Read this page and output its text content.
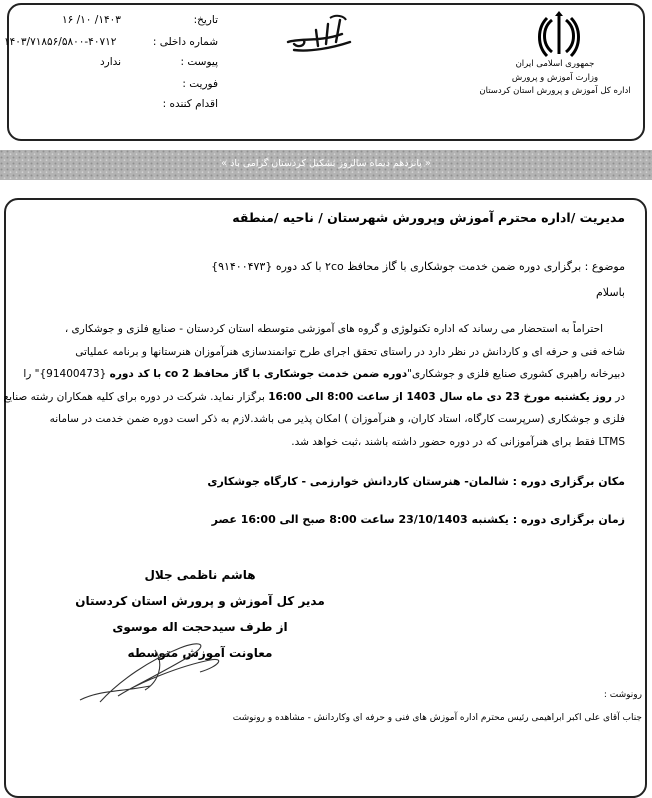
جمهوری اسلامی ایران
وزارت آموزش و پرورش
اداره کل آموزش و پرورش استان کردستان
تاریخ:
۱۴۰۳/ ۱۰/ ۱۶
شماره داخلی :
۱۴۰۳/۷۱۸۵۶/۵۸۰۰-۴۰۷۱۲
پیوست :
ندارد
فوریت :
اقدام کننده :
« پانزدهم دیماه سالروز تشکیل کردستان گرامی باد »
مدیریت /اداره محترم آموزش وپرورش شهرستان / ناحیه /منطقه
موضوع : برگزاری دوره ضمن خدمت جوشکاری با گاز محافظ ۲co با کد دوره {۹۱۴۰۰۴۷۳}
باسلام
احتراماً به استحضار می رساند که اداره تکنولوژی و گروه های آموزشی متوسطه استان کردستان - صنایع فلزی و جوشکاری ،
شاخه فنی و حرفه ای و کاردانش در نظر دارد در راستای تحقق اجرای طرح توانمندسازی هنرآموزان هنرستانها و برنامه عملیاتی
دبیرخانه راهبری کشوری صنایع فلزی و جوشکاری"دوره ضمن خدمت جوشکاری با گاز محافظ co 2 با کد دوره {91400473}" را
در روز یکشنبه مورخ 23 دی ماه سال 1403 از ساعت 8:00 الی 16:00 برگزار نماید. شرکت در دوره برای کلیه همکاران رشته صنایع
فلزی و جوشکاری (سرپرست کارگاه، استاد کاران، و هنرآموزان ) امکان پذیر می باشد.لازم به ذکر است دوره ضمن خدمت در سامانه
LTMS فقط برای هنرآموزانی که در دوره حضور داشته باشند ،ثبت خواهد شد.
مکان برگزاری دوره : شالمان- هنرستان کاردانش خوارزمی - کارگاه جوشکاری
زمان برگزاری دوره : یکشنبه 23/10/1403 ساعت 8:00 صبح الی 16:00 عصر
هاشم ناظمی جلال
مدیر کل آموزش و پرورش استان کردستان
از طرف سیدحجت اله موسوی
معاونت آموزش متوسطه
رونوشت :
جناب آقای علی اکبر ابراهیمی رئیس محترم اداره آموزش های فنی و حرفه ای وکاردانش - مشاهده و رونوشت
